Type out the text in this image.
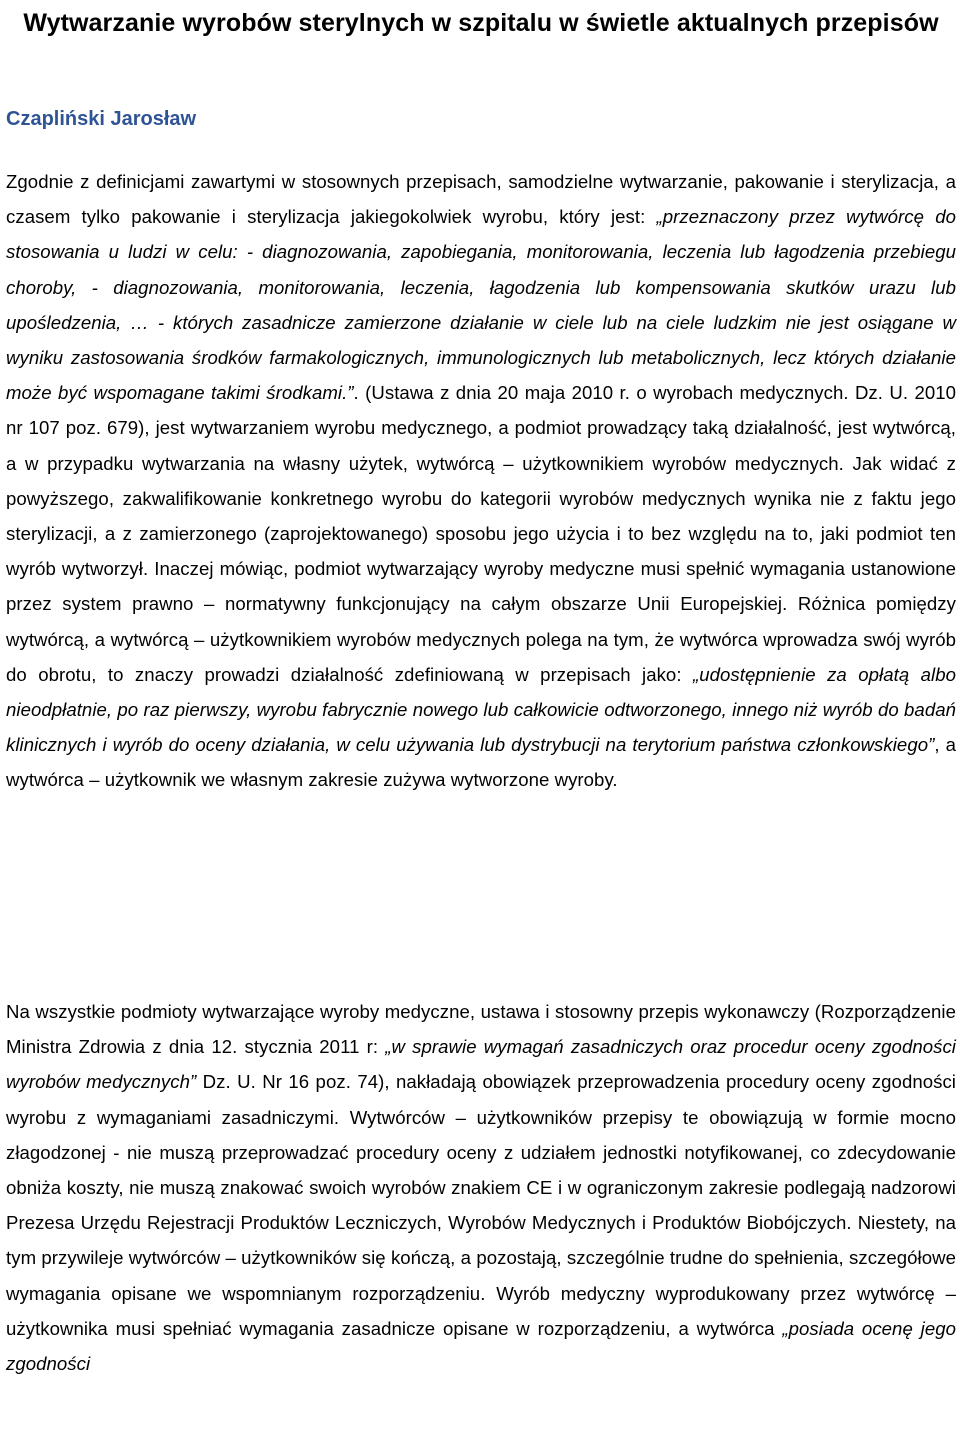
Wytwarzanie wyrobów sterylnych w szpitalu w świetle aktualnych przepisów

Czapliński Jarosław

Zgodnie z definicjami zawartymi w stosownych przepisach, samodzielne wytwarzanie, pakowanie i sterylizacja, a czasem tylko pakowanie i sterylizacja jakiegokolwiek wyrobu, który jest: „przeznaczony przez wytwórcę do stosowania u ludzi w celu: - diagnozowania, zapobiegania, monitorowania, leczenia lub łagodzenia przebiegu choroby, - diagnozowania, monitorowania, leczenia, łagodzenia lub kompensowania skutków urazu lub upośledzenia, … - których zasadnicze zamierzone działanie w ciele lub na ciele ludzkim nie jest osiągane w wyniku zastosowania środków farmakologicznych, immunologicznych lub metabolicznych, lecz których działanie może być wspomagane takimi środkami.”. (Ustawa z dnia 20 maja 2010 r. o wyrobach medycznych. Dz. U. 2010 nr 107 poz. 679), jest wytwarzaniem wyrobu medycznego, a podmiot prowadzący taką działalność, jest wytwórcą, a w przypadku wytwarzania na własny użytek, wytwórcą – użytkownikiem wyrobów medycznych. Jak widać z powyższego, zakwalifikowanie konkretnego wyrobu do kategorii wyrobów medycznych wynika nie z faktu jego sterylizacji, a z zamierzonego (zaprojektowanego) sposobu jego użycia i to bez względu na to, jaki podmiot ten wyrób wytworzył. Inaczej mówiąc, podmiot wytwarzający wyroby medyczne musi spełnić wymagania ustanowione przez system prawno – normatywny funkcjonujący na całym obszarze Unii Europejskiej. Różnica pomiędzy wytwórcą, a wytwórcą – użytkownikiem wyrobów medycznych polega na tym, że wytwórca wprowadza swój wyrób do obrotu, to znaczy prowadzi działalność zdefiniowaną w przepisach jako: „udostępnienie za opłatą albo nieodpłatnie, po raz pierwszy, wyrobu fabrycznie nowego lub całkowicie odtworzonego, innego niż wyrób do badań klinicznych i wyrób do oceny działania, w celu używania lub dystrybucji na terytorium państwa członkowskiego”, a wytwórca – użytkownik we własnym zakresie zużywa wytworzone wyroby.

Na wszystkie podmioty wytwarzające wyroby medyczne, ustawa i stosowny przepis wykonawczy (Rozporządzenie Ministra Zdrowia z dnia 12. stycznia 2011 r: „w sprawie wymagań zasadniczych oraz procedur oceny zgodności wyrobów medycznych” Dz. U. Nr 16 poz. 74), nakładają obowiązek przeprowadzenia procedury oceny zgodności wyrobu z wymaganiami zasadniczymi. Wytwórców – użytkowników przepisy te obowiązują w formie mocno złagodzonej - nie muszą przeprowadzać procedury oceny z udziałem jednostki notyfikowanej, co zdecydowanie obniża koszty, nie muszą znakować swoich wyrobów znakiem CE i w ograniczonym zakresie podlegają nadzorowi Prezesa Urzędu Rejestracji Produktów Leczniczych, Wyrobów Medycznych i Produktów Biobójczych. Niestety, na tym przywileje wytwórców – użytkowników się kończą, a pozostają, szczególnie trudne do spełnienia, szczegółowe wymagania opisane we wspomnianym rozporządzeniu. Wyrób medyczny wyprodukowany przez wytwórcę – użytkownika musi spełniać wymagania zasadnicze opisane w rozporządzeniu, a wytwórca „posiada ocenę jego zgodności
